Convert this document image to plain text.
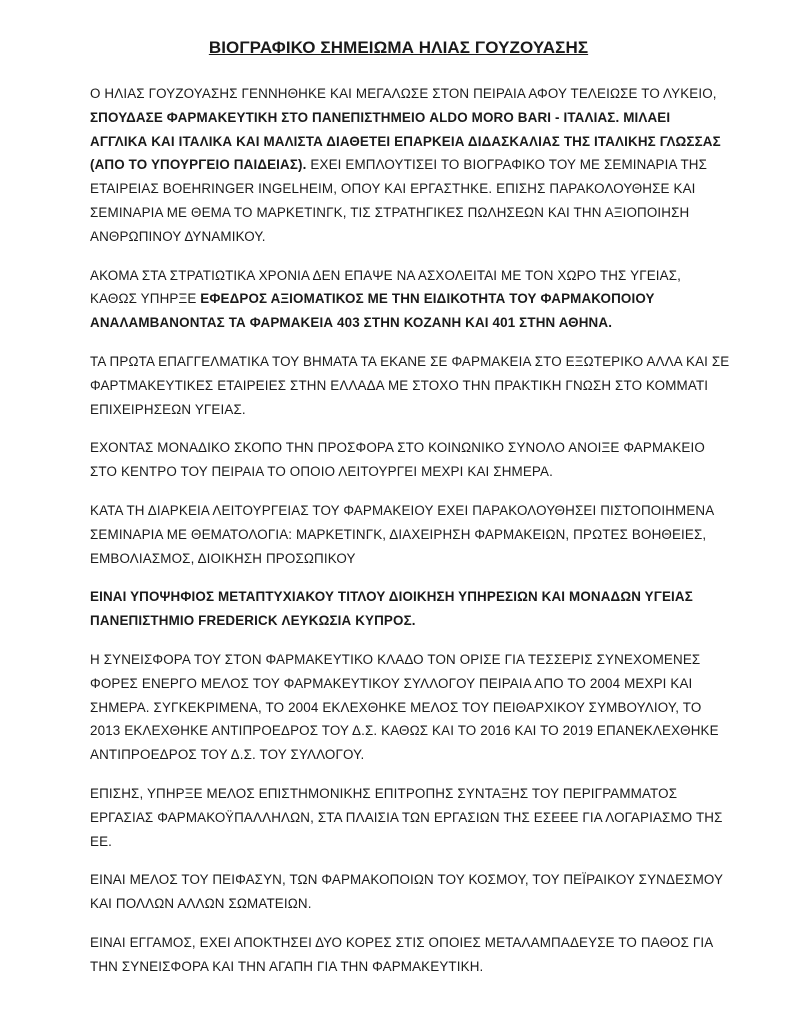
ΒΙΟΓΡΑΦΙΚΟ ΣΗΜΕΙΩΜΑ ΗΛΙΑΣ ΓΟΥΖΟΥΑΣΗΣ

Ο ΗΛΙΑΣ ΓΟΥΖΟΥΑΣΗΣ ΓΕΝΝΗΘΗΚΕ ΚΑΙ ΜΕΓΑΛΩΣΕ ΣΤΟΝ ΠΕΙΡΑΙΑ ΑΦΟΥ ΤΕΛΕΙΩΣΕ ΤΟ ΛΥΚΕΙΟ, ΣΠΟΥΔΑΣΕ ΦΑΡΜΑΚΕΥΤΙΚΗ ΣΤΟ ΠΑΝΕΠΙΣΤΗΜΕΙΟ ALDO MORO BARI - ΙΤΑΛΙΑΣ. ΜΙΛΑΕΙ ΑΓΓΛΙΚΑ ΚΑΙ ΙΤΑΛΙΚΑ ΚΑΙ ΜΑΛΙΣΤΑ ΔΙΑΘΕΤΕΙ ΕΠΑΡΚΕΙΑ ΔΙΔΑΣΚΑΛΙΑΣ ΤΗΣ ΙΤΑΛΙΚΗΣ ΓΛΩΣΣΑΣ (ΑΠΟ ΤΟ ΥΠΟΥΡΓΕΙΟ ΠΑΙΔΕΙΑΣ). ΕΧΕΙ ΕΜΠΛΟΥΤΙΣΕΙ ΤΟ ΒΙΟΓΡΑΦΙΚΟ ΤΟΥ ΜΕ ΣΕΜΙΝΑΡΙΑ ΤΗΣ ΕΤΑΙΡΕΙΑΣ BOEHRINGER INGELHEIM, ΟΠΟΥ ΚΑΙ ΕΡΓΑΣΤΗΚΕ. ΕΠΙΣΗΣ ΠΑΡΑΚΟΛΟΥΘΗΣΕ ΚΑΙ ΣΕΜΙΝΑΡΙΑ ΜΕ ΘΕΜΑ ΤΟ ΜΑΡΚΕΤΙΝΓΚ, ΤΙΣ ΣΤΡΑΤΗΓΙΚΕΣ ΠΩΛΗΣΕΩΝ ΚΑΙ ΤΗΝ ΑΞΙΟΠΟΙΗΣΗ ΑΝΘΡΩΠΙΝΟΥ ΔΥΝΑΜΙΚΟΥ.

ΑΚΟΜΑ ΣΤΑ ΣΤΡΑΤΙΩΤΙΚΑ ΧΡΟΝΙΑ ΔΕΝ ΕΠΑΨΕ ΝΑ ΑΣΧΟΛΕΙΤΑΙ ΜΕ ΤΟΝ ΧΩΡΟ ΤΗΣ ΥΓΕΙΑΣ, ΚΑΘΩΣ ΥΠΗΡΞΕ ΕΦΕΔΡΟΣ ΑΞΙΟΜΑΤΙΚΟΣ ΜΕ ΤΗΝ ΕΙΔΙΚΟΤΗΤΑ ΤΟΥ ΦΑΡΜΑΚΟΠΟΙΟΥ ΑΝΑΛΑΜΒΑΝΟΝΤΑΣ ΤΑ ΦΑΡΜΑΚΕΙΑ 403 ΣΤΗΝ ΚΟΖΑΝΗ ΚΑΙ 401 ΣΤΗΝ ΑΘΗΝΑ.

ΤΑ ΠΡΩΤΑ ΕΠΑΓΓΕΛΜΑΤΙΚΑ ΤΟΥ ΒΗΜΑΤΑ ΤΑ ΕΚΑΝΕ ΣΕ ΦΑΡΜΑΚΕΙΑ ΣΤΟ ΕΞΩΤΕΡΙΚΟ ΑΛΛΑ ΚΑΙ ΣΕ ΦΑΡΤΜΑΚΕΥΤΙΚΕΣ ΕΤΑΙΡΕΙΕΣ ΣΤΗΝ ΕΛΛΑΔΑ ΜΕ ΣΤΟΧΟ ΤΗΝ ΠΡΑΚΤΙΚΗ ΓΝΩΣΗ ΣΤΟ ΚΟΜΜΑΤΙ ΕΠΙΧΕΙΡΗΣΕΩΝ ΥΓΕΙΑΣ.

ΕΧΟΝΤΑΣ ΜΟΝΑΔΙΚΟ ΣΚΟΠΟ ΤΗΝ ΠΡΟΣΦΟΡΑ ΣΤΟ ΚΟΙΝΩΝΙΚΟ ΣΥΝΟΛΟ ΑΝΟΙΞΕ ΦΑΡΜΑΚΕΙΟ ΣΤΟ ΚΕΝΤΡΟ ΤΟΥ ΠΕΙΡΑΙΑ ΤΟ ΟΠΟΙΟ ΛΕΙΤΟΥΡΓΕΙ ΜΕΧΡΙ ΚΑΙ ΣΗΜΕΡΑ.

ΚΑΤΑ ΤΗ ΔΙΑΡΚΕΙΑ ΛΕΙΤΟΥΡΓΕΙΑΣ ΤΟΥ ΦΑΡΜΑΚΕΙΟΥ ΕΧΕΙ ΠΑΡΑΚΟΛΟΥΘΗΣΕΙ ΠΙΣΤΟΠΟΙΗΜΕΝΑ ΣΕΜΙΝΑΡΙΑ ΜΕ ΘΕΜΑΤΟΛΟΓΙΑ: ΜΑΡΚΕΤΙΝΓΚ, ΔΙΑΧΕΙΡΗΣΗ ΦΑΡΜΑΚΕΙΩΝ, ΠΡΩΤΕΣ ΒΟΗΘΕΙΕΣ, ΕΜΒΟΛΙΑΣΜΟΣ, ΔΙΟΙΚΗΣΗ ΠΡΟΣΩΠΙΚΟΥ

ΕΙΝΑΙ ΥΠΟΨΗΦΙΟΣ ΜΕΤΑΠΤΥΧΙΑΚΟΥ ΤΙΤΛΟΥ ΔΙΟΙΚΗΣΗ ΥΠΗΡΕΣΙΩΝ ΚΑΙ ΜΟΝΑΔΩΝ ΥΓΕΙΑΣ ΠΑΝΕΠΙΣΤΗΜΙΟ FREDERICK ΛΕΥΚΩΣΙΑ ΚΥΠΡΟΣ.

Η ΣΥΝΕΙΣΦΟΡΑ ΤΟΥ ΣΤΟΝ ΦΑΡΜΑΚΕΥΤΙΚΟ ΚΛΑΔΟ ΤΟΝ ΟΡΙΣΕ ΓΙΑ ΤΕΣΣΕΡΙΣ ΣΥΝΕΧΟΜΕΝΕΣ ΦΟΡΕΣ ΕΝΕΡΓΟ ΜΕΛΟΣ ΤΟΥ ΦΑΡΜΑΚΕΥΤΙΚΟΥ ΣΥΛΛΟΓΟΥ ΠΕΙΡΑΙΑ ΑΠΟ ΤΟ 2004 ΜΕΧΡΙ ΚΑΙ ΣΗΜΕΡΑ. ΣΥΓΚΕΚΡΙΜΕΝΑ, ΤΟ 2004 ΕΚΛΕΧΘΗΚΕ ΜΕΛΟΣ ΤΟΥ ΠΕΙΘΑΡΧΙΚΟΥ ΣΥΜΒΟΥΛΙΟΥ, ΤΟ 2013 ΕΚΛΕΧΘΗΚΕ ΑΝΤΙΠΡΟΕΔΡΟΣ ΤΟΥ Δ.Σ. ΚΑΘΩΣ ΚΑΙ ΤΟ 2016 ΚΑΙ ΤΟ 2019 ΕΠΑΝΕΚΛΕΧΘΗΚΕ ΑΝΤΙΠΡΟΕΔΡΟΣ ΤΟΥ Δ.Σ. ΤΟΥ ΣΥΛΛΟΓΟΥ.

ΕΠΙΣΗΣ, ΥΠΗΡΞΕ ΜΕΛΟΣ ΕΠΙΣΤΗΜΟΝΙΚΗΣ ΕΠΙΤΡΟΠΗΣ ΣΥΝΤΑΞΗΣ ΤΟΥ ΠΕΡΙΓΡΑΜΜΑΤΟΣ ΕΡΓΑΣΙΑΣ ΦΑΡΜΑΚΟΫΠΑΛΛΗΛΩΝ, ΣΤΑ ΠΛΑΙΣΙΑ ΤΩΝ ΕΡΓΑΣΙΩΝ ΤΗΣ ΕΣΕΕΕ ΓΙΑ ΛΟΓΑΡΙΑΣΜΟ ΤΗΣ ΕΕ.

ΕΙΝΑΙ ΜΕΛΟΣ ΤΟΥ ΠΕΙΦΑΣΥΝ, ΤΩΝ ΦΑΡΜΑΚΟΠΟΙΩΝ ΤΟΥ ΚΟΣΜΟΥ, ΤΟΥ ΠΕΪΡΑΙΚΟΥ ΣΥΝΔΕΣΜΟΥ ΚΑΙ ΠΟΛΛΩΝ ΑΛΛΩΝ ΣΩΜΑΤΕΙΩΝ.

ΕΙΝΑΙ ΕΓΓΑΜΟΣ, ΕΧΕΙ ΑΠΟΚΤΗΣΕΙ ΔΥΟ ΚΟΡΕΣ ΣΤΙΣ ΟΠΟΙΕΣ ΜΕΤΑΛΑΜΠΑΔΕΥΣΕ ΤΟ ΠΑΘΟΣ ΓΙΑ ΤΗΝ ΣΥΝΕΙΣΦΟΡΑ ΚΑΙ ΤΗΝ ΑΓΑΠΗ ΓΙΑ ΤΗΝ ΦΑΡΜΑΚΕΥΤΙΚΗ.
